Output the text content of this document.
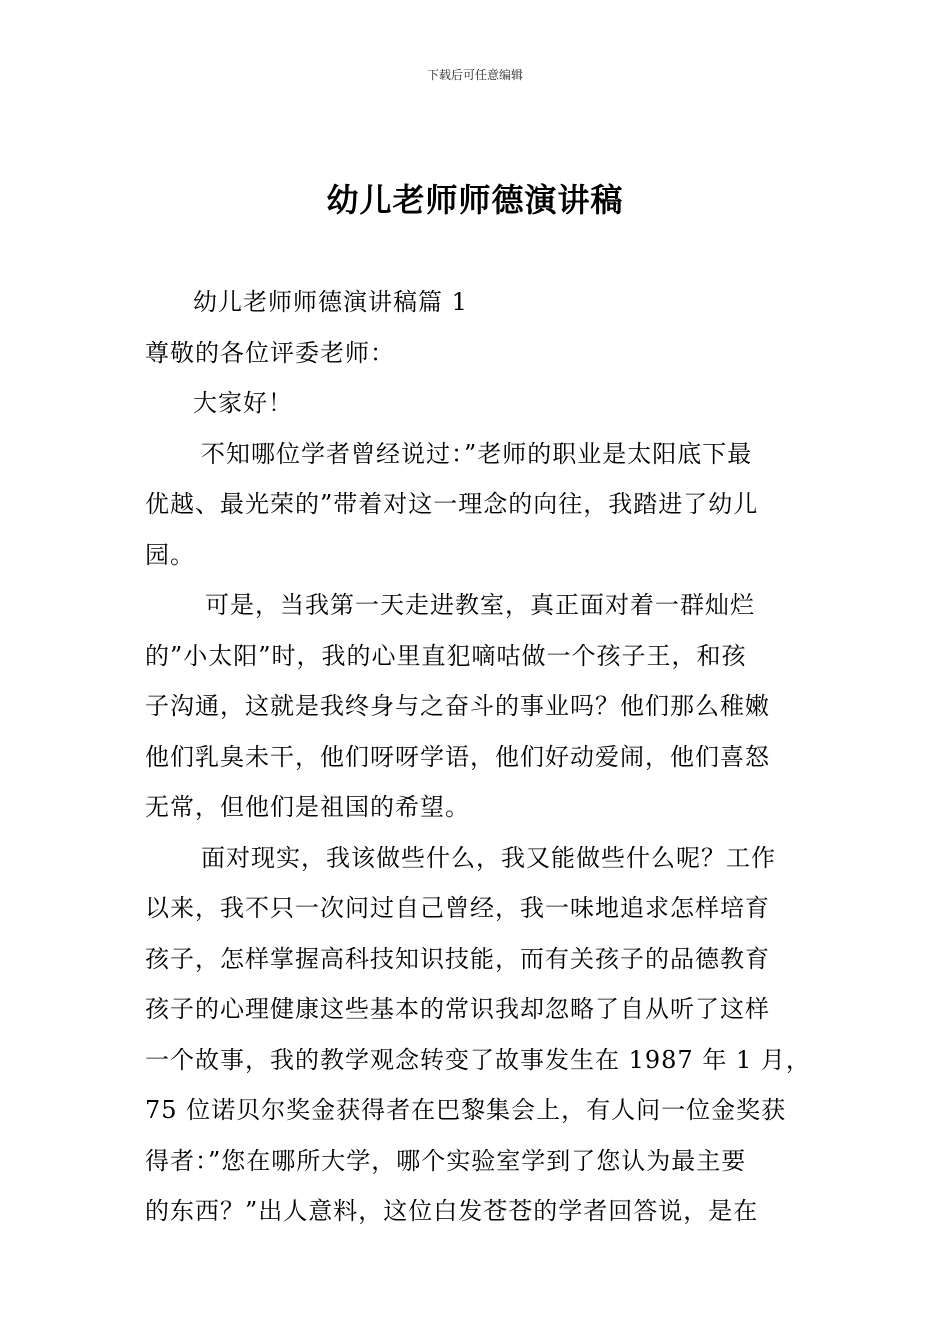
下载后可任意编辑
幼儿老师师德演讲稿

幼儿老师师德演讲稿篇 1

尊敬的各位评委老师：

大家好！

不知哪位学者曾经说过：”老师的职业是太阳底下最

优越、最光荣的”带着对这一理念的向往，我踏进了幼儿

园。

可是，当我第一天走进教室，真正面对着一群灿烂

的”小太阳”时，我的心里直犯嘀咕做一个孩子王，和孩

子沟通，这就是我终身与之奋斗的事业吗？他们那么稚嫩

他们乳臭未干，他们呀呀学语，他们好动爱闹，他们喜怒

无常，但他们是祖国的希望。

面对现实，我该做些什么，我又能做些什么呢？工作

以来，我不只一次问过自己曾经，我一味地追求怎样培育

孩子，怎样掌握高科技知识技能，而有关孩子的品德教育

孩子的心理健康这些基本的常识我却忽略了自从听了这样

一个故事，我的教学观念转变了故事发生在 1987 年 1 月，

75 位诺贝尔奖金获得者在巴黎集会上，有人问一位金奖获

得者：”您在哪所大学，哪个实验室学到了您认为最主要

的东西？”出人意料，这位白发苍苍的学者回答说，是在
